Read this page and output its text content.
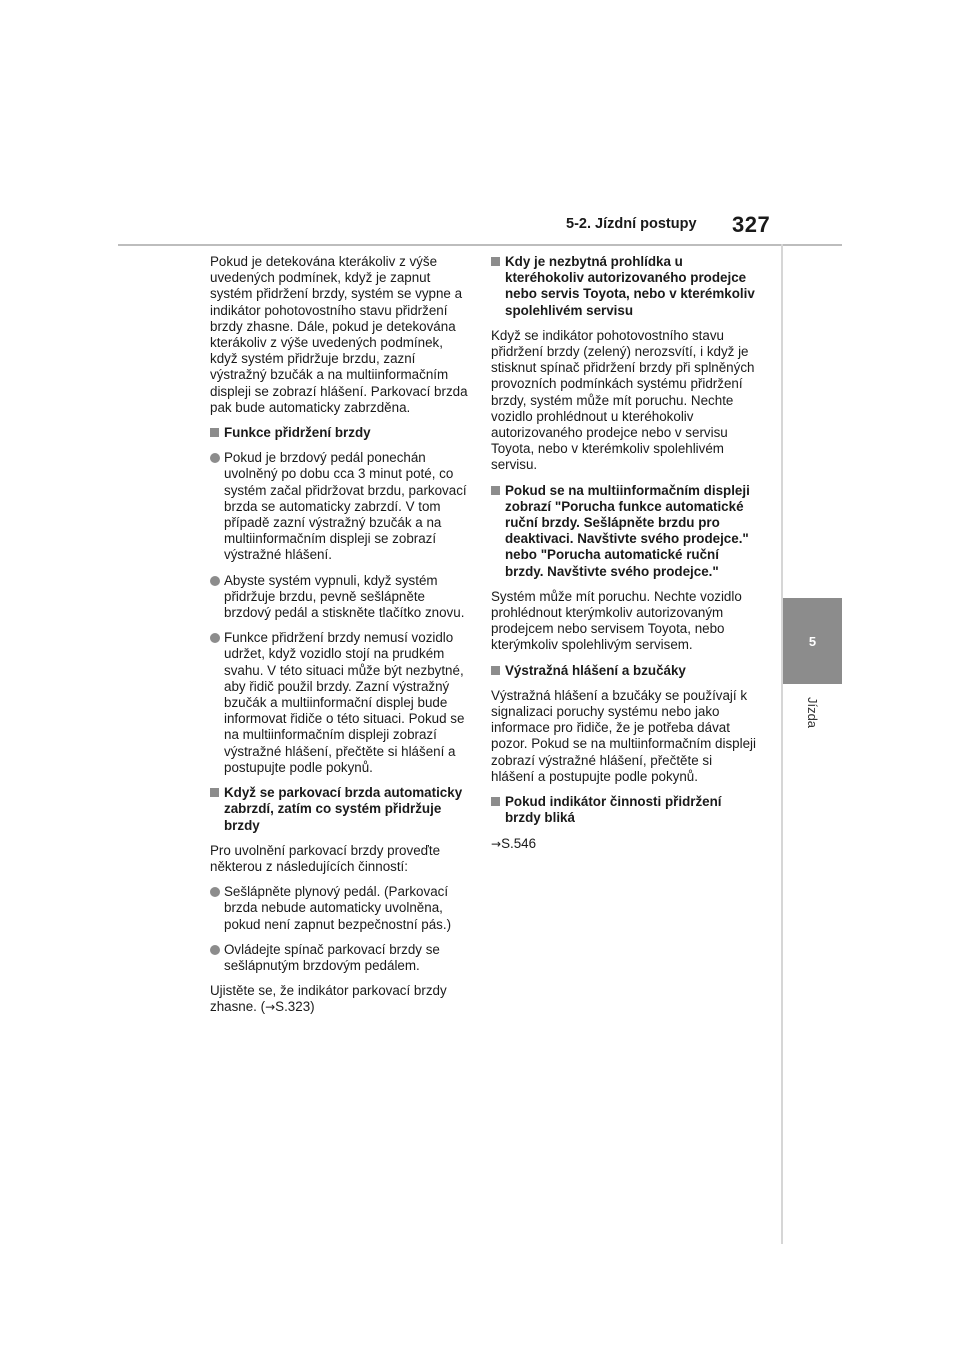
5-2. Jízdní postupy 327
5
Jízda

Pokud je detekována kterákoliv z výše uvedených podmínek, když je zapnut systém přidržení brzdy, systém se vypne a indikátor pohotovostního stavu přidržení brzdy zhasne. Dále, pokud je detekována kterákoliv z výše uvedených podmínek, když systém přidržuje brzdu, zazní výstražný bzučák a na multiinformačním displeji se zobrazí hlášení. Parkovací brzda pak bude automaticky zabrzděna.

Funkce přidržení brzdy
Pokud je brzdový pedál ponechán uvolněný po dobu cca 3 minut poté, co systém začal přidržovat brzdu, parkovací brzda se automaticky zabrzdí. V tom případě zazní výstražný bzučák a na multiinformačním displeji se zobrazí výstražné hlášení.
Abyste systém vypnuli, když systém přidržuje brzdu, pevně sešlápněte brzdový pedál a stiskněte tlačítko znovu.
Funkce přidržení brzdy nemusí vozidlo udržet, když vozidlo stojí na prudkém svahu. V této situaci může být nezbytné, aby řidič použil brzdy. Zazní výstražný bzučák a multiinformační displej bude informovat řidiče o této situaci. Pokud se na multiinformačním displeji zobrazí výstražné hlášení, přečtěte si hlášení a postupujte podle pokynů.
Když se parkovací brzda automaticky zabrzdí, zatím co systém přidržuje brzdy

Pro uvolnění parkovací brzdy proveďte některou z následujících činností:

Sešlápněte plynový pedál. (Parkovací brzda nebude automaticky uvolněna, pokud není zapnut bezpečnostní pás.)
Ovládejte spínač parkovací brzdy se sešlápnutým brzdovým pedálem.

Ujistěte se, že indikátor parkovací brzdy zhasne. (→S.323)

Kdy je nezbytná prohlídka u kteréhokoliv autorizovaného prodejce nebo servis Toyota, nebo v kterémkoliv spolehlivém servisu

Když se indikátor pohotovostního stavu přidržení brzdy (zelený) nerozsvítí, i když je stisknut spínač přidržení brzdy při splněných provozních podmínkách systému přidržení brzdy, systém může mít poruchu. Nechte vozidlo prohlédnout u kteréhokoliv autorizovaného prodejce nebo v servisu Toyota, nebo v kterémkoliv spolehlivém servisu.

Pokud se na multiinformačním displeji zobrazí "Porucha funkce automatické ruční brzdy. Sešlápněte brzdu pro deaktivaci. Navštivte svého prodejce." nebo "Porucha automatické ruční brzdy. Navštivte svého prodejce."

Systém může mít poruchu. Nechte vozidlo prohlédnout kterýmkoliv autorizovaným prodejcem nebo servisem Toyota, nebo kterýmkoliv spolehlivým servisem.

Výstražná hlášení a bzučáky

Výstražná hlášení a bzučáky se používají k signalizaci poruchy systému nebo jako informace pro řidiče, že je potřeba dávat pozor. Pokud se na multiinformačním displeji zobrazí výstražné hlášení, přečtěte si hlášení a postupujte podle pokynů.

Pokud indikátor činnosti přidržení brzdy bliká

→S.546
